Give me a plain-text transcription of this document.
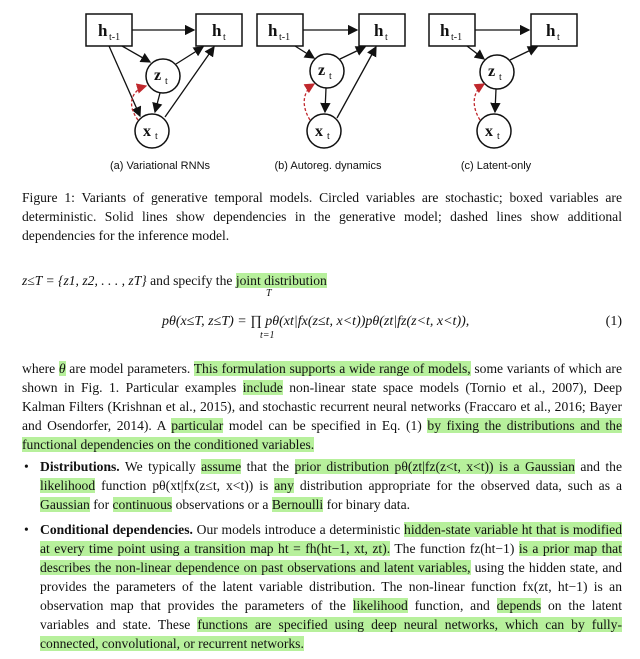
h t-1	h t
z t
x t
h t-1	h t
z t
x t
h t-1	h t
z t
x t
(a) Variational RNNs	(b) Autoreg. dynamics	(c) Latent-only
Figure 1: Variants of generative temporal models. Circled variables are stochastic; boxed variables are deterministic. Solid lines show dependencies in the generative model; dashed lines show additional dependencies for the inference model.
z≤T = {z1, z2, . . . , zT} and specify the joint distribution
pθ(x≤T, z≤T) = ∏ pθ(xt|fx(z≤t, x<t))pθ(zt|fz(z<t, x<t)),
T
t=1
(1)
where θ are model parameters. This formulation supports a wide range of models, some variants of which are shown in Fig. 1. Particular examples include non-linear state space models (Tornio et al., 2007), Deep Kalman Filters (Krishnan et al., 2015), and stochastic recurrent neural networks (Fraccaro et al., 2016; Bayer and Osendorfer, 2014). A particular model can be specified in Eq. (1) by fixing the distributions and the functional dependencies on the conditioned variables.
• Distributions. We typically assume that the prior distribution pθ(zt|fz(z<t, x<t)) is a Gaussian and the likelihood function pθ(xt|fx(z≤t, x<t)) is any distribution appropriate for the observed data, such as a Gaussian for continuous observations or a Bernoulli for binary data.
• Conditional dependencies. Our models introduce a deterministic hidden-state variable ht that is modified at every time point using a transition map ht = fh(ht−1, xt, zt). The function fz(ht−1) is a prior map that describes the non-linear dependence on past observations and latent variables, using the hidden state, and provides the parameters of the latent variable distribution. The non-linear function fx(zt, ht−1) is an observation map that provides the parameters of the likelihood function, and depends on the latent variables and state. These functions are specified using deep neural networks, which can by fully-connected, convolutional, or recurrent networks.
